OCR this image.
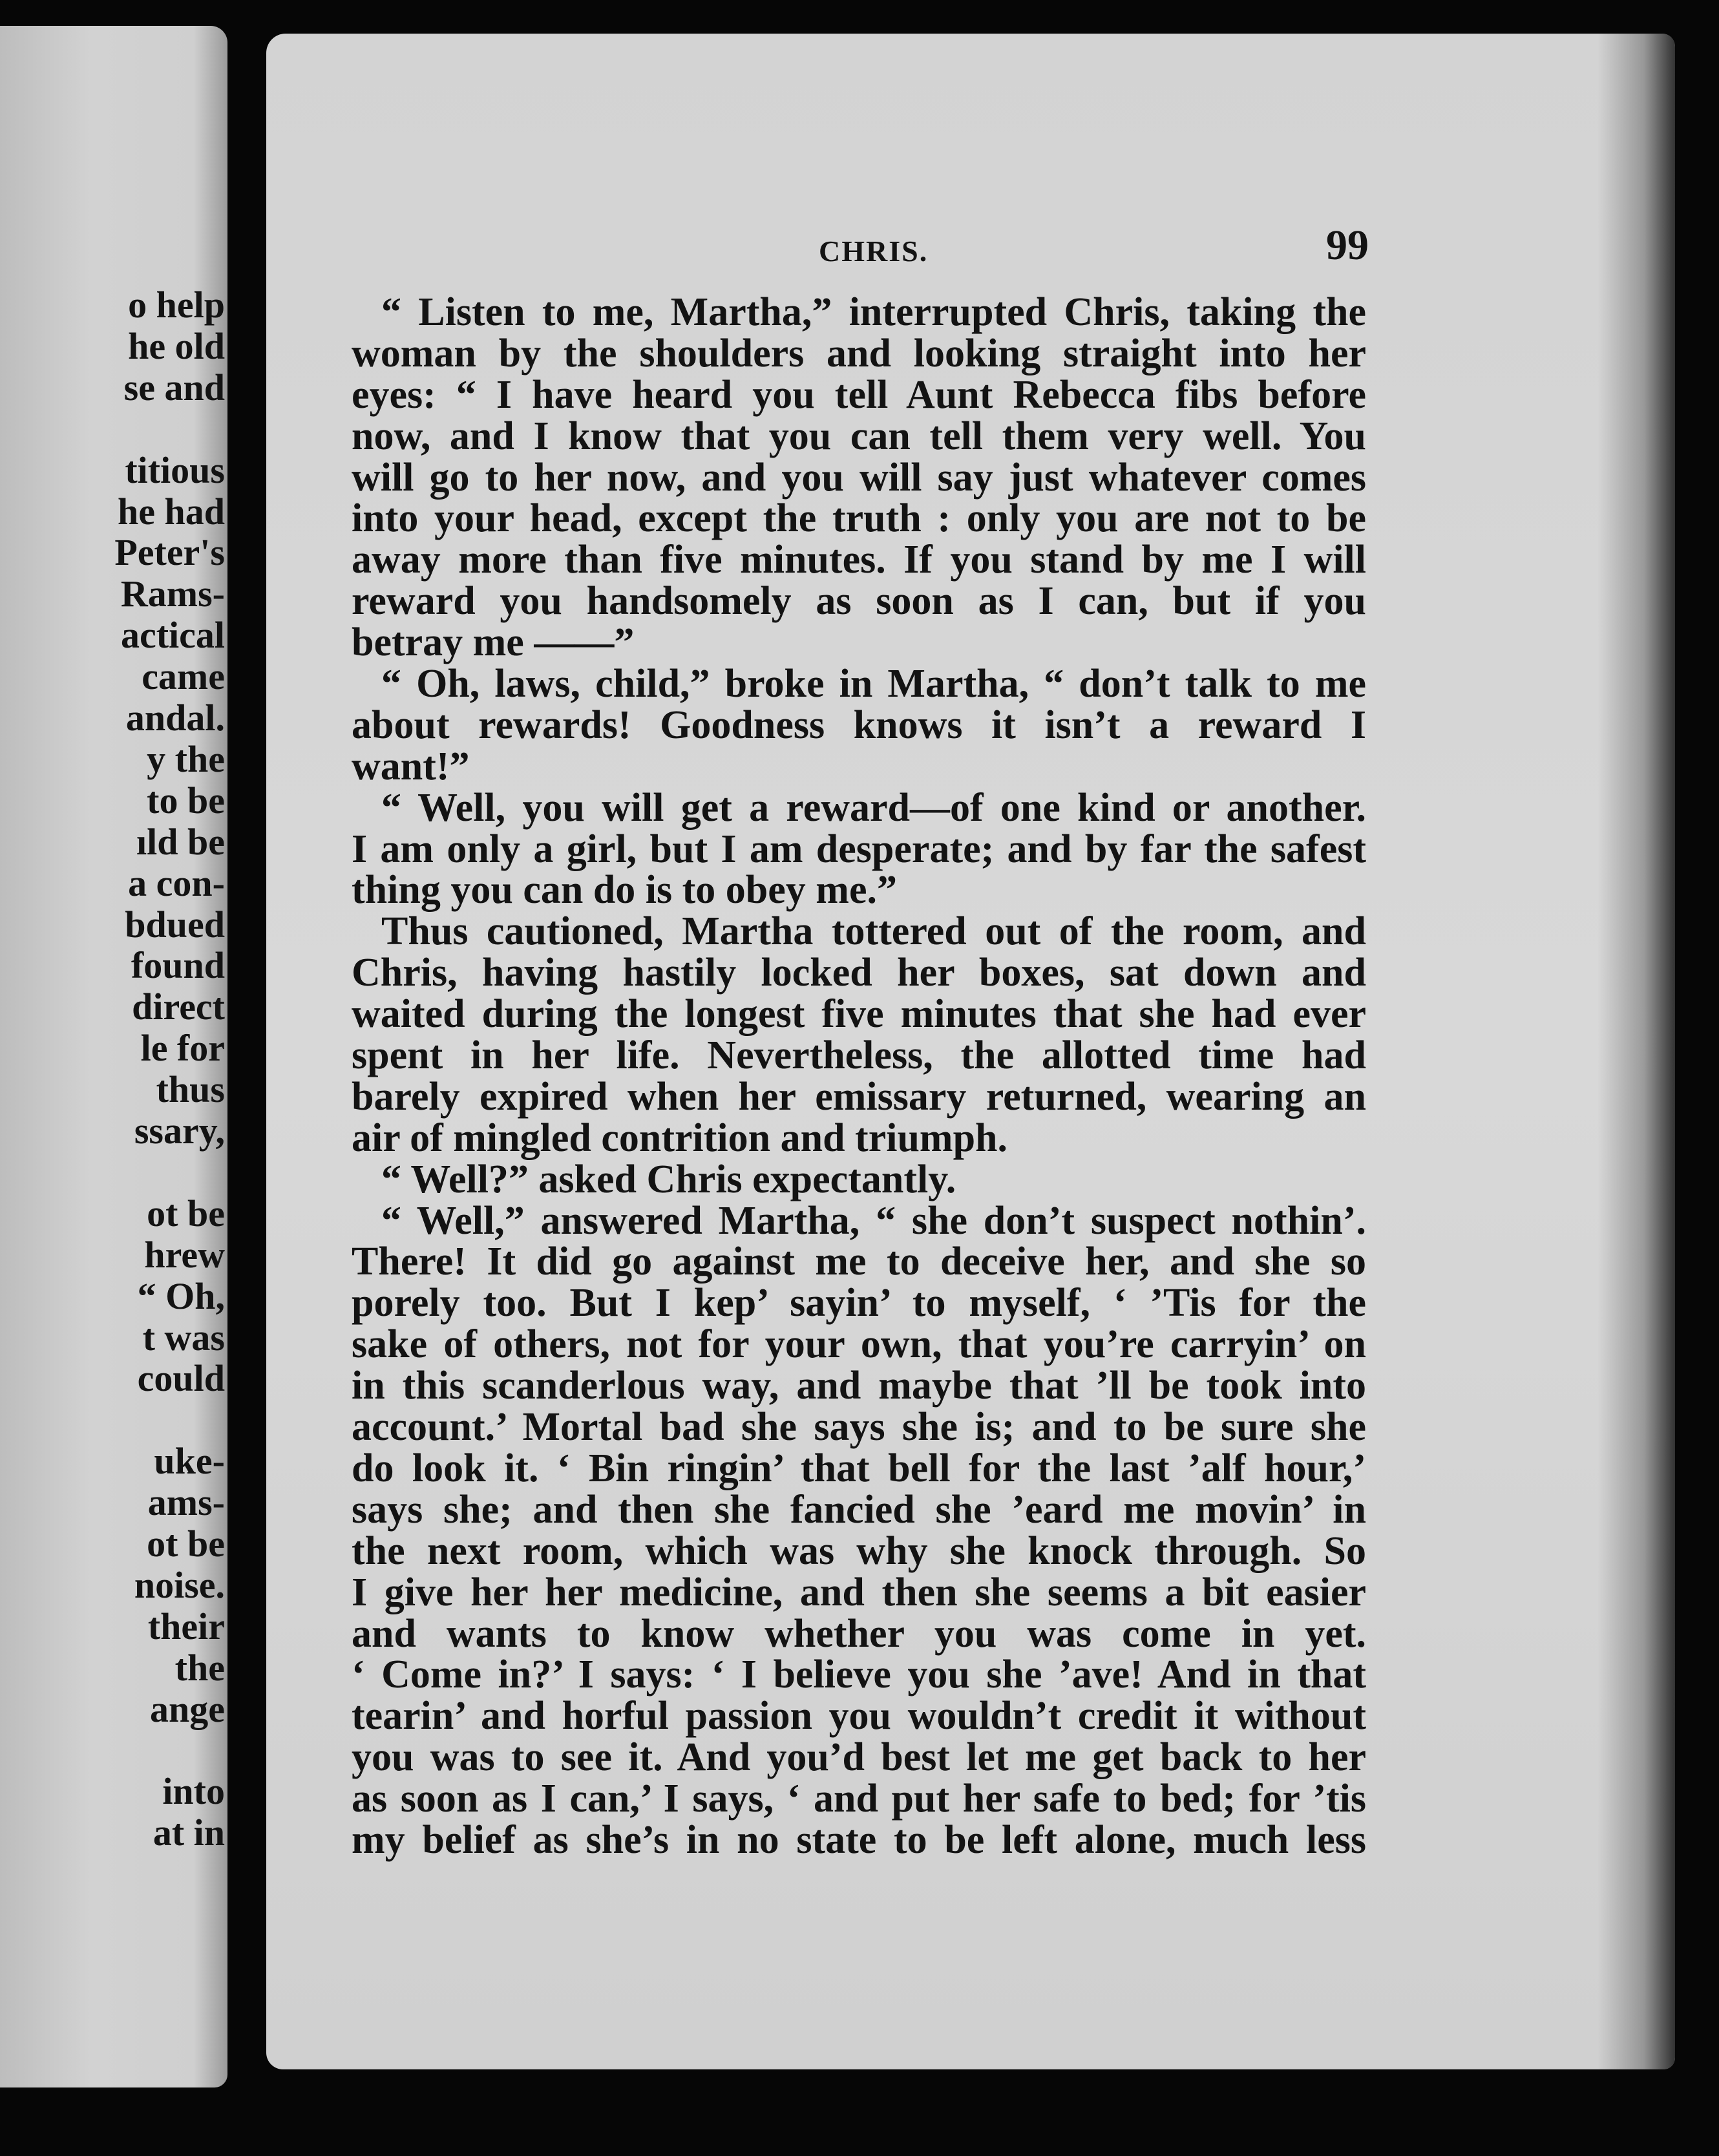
o help
he old
se and
titious
he had
Peter's
Rams-
actical
came
andal.
y the
to be
ıld be
a con-
bdued
found
direct
le for
thus
ssary,
ot be
hrew
“ Oh,
t was
could
uke-
ams-
ot be
noise.
their
the
ange
into
at in
CHRIS.	99
“ Listen to me, Martha,” interrupted Chris, taking the
woman by the shoulders and looking straight into her
eyes: “ I have heard you tell Aunt Rebecca fibs before
now, and I know that you can tell them very well. You
will go to her now, and you will say just whatever comes
into your head, except the truth : only you are not to be
away more than five minutes. If you stand by me I will
reward you handsomely as soon as I can, but if you
betray me ——”
“ Oh, laws, child,” broke in Martha, “ don’t talk to me
about rewards! Goodness knows it isn’t a reward I
want!”
“ Well, you will get a reward—of one kind or another.
I am only a girl, but I am desperate; and by far the safest
thing you can do is to obey me.”
Thus cautioned, Martha tottered out of the room, and
Chris, having hastily locked her boxes, sat down and
waited during the longest five minutes that she had ever
spent in her life. Nevertheless, the allotted time had
barely expired when her emissary returned, wearing an
air of mingled contrition and triumph.
“ Well?” asked Chris expectantly.
“ Well,” answered Martha, “ she don’t suspect nothin’.
There! It did go against me to deceive her, and she so
porely too. But I kep’ sayin’ to myself, ‘ ’Tis for the
sake of others, not for your own, that you’re carryin’ on
in this scanderlous way, and maybe that ’ll be took into
account.’ Mortal bad she says she is; and to be sure she
do look it. ‘ Bin ringin’ that bell for the last ’alf hour,’
says she; and then she fancied she ’eard me movin’ in
the next room, which was why she knock through. So
I give her her medicine, and then she seems a bit easier
and wants to know whether you was come in yet.
‘ Come in?’ I says: ‘ I believe you she ’ave! And in that
tearin’ and horful passion you wouldn’t credit it without
you was to see it. And you’d best let me get back to her
as soon as I can,’ I says, ‘ and put her safe to bed; for ’tis
my belief as she’s in no state to be left alone, much less
